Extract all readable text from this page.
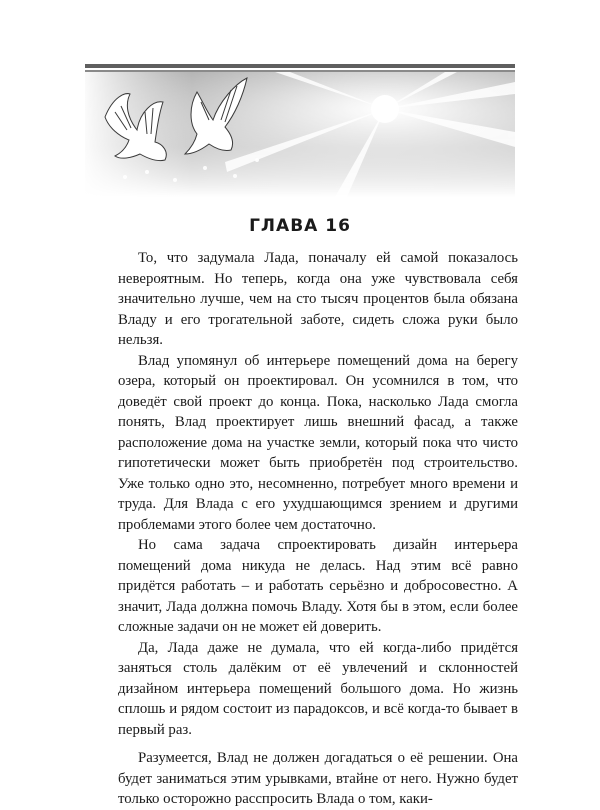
ГЛАВА 16

То, что задумала Лада, поначалу ей самой показалось невероятным. Но теперь, когда она уже чувствовала себя значительно лучше, чем на сто тысяч процентов была обязана Владу и его трогательной заботе, сидеть сложа руки было нельзя.

Влад упомянул об интерьере помещений дома на берегу озера, который он проектировал. Он усомнился в том, что доведёт свой проект до конца. Пока, насколько Лада смогла понять, Влад проектирует лишь внешний фасад, а также расположение дома на участке земли, который пока что чисто гипотетически может быть приобретён под строительство. Уже только одно это, несомненно, потребует много времени и труда. Для Влада с его ухудшающимся зрением и другими проблемами этого более чем достаточно.

Но сама задача спроектировать дизайн интерьера помещений дома никуда не делась. Над этим всё равно придётся работать – и работать серьёзно и добросовестно. А значит, Лада должна помочь Владу. Хотя бы в этом, если более сложные задачи он не может ей доверить.

Да, Лада даже не думала, что ей когда-либо придётся заняться столь далёким от её увлечений и склонностей дизайном интерьера помещений большого дома. Но жизнь сплошь и рядом состоит из парадоксов, и всё когда-то бывает в первый раз.

Разумеется, Влад не должен догадаться о её решении. Она будет заниматься этим урывками, втайне от него. Нужно будет только осторожно расспросить Влада о том, каки-
